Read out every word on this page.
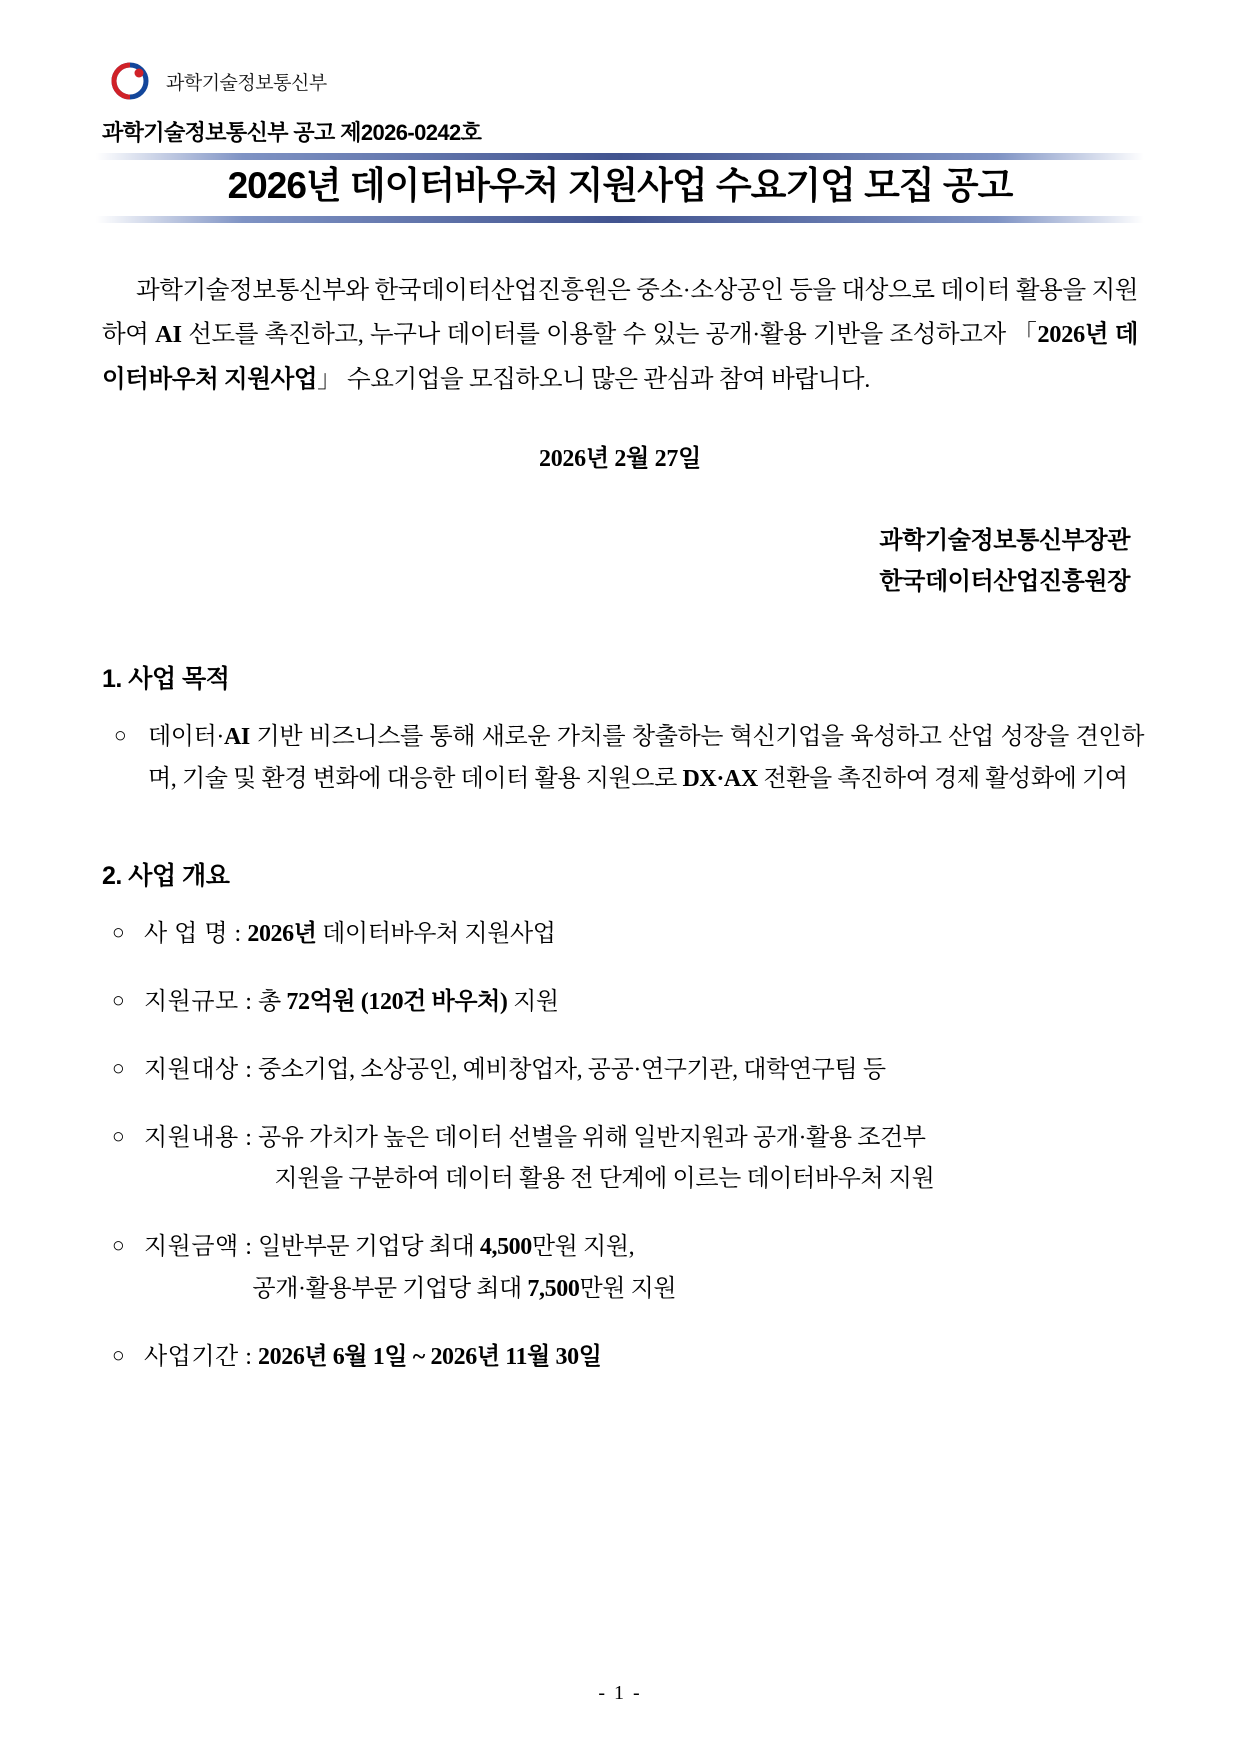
과학기술정보통신부
과학기술정보통신부 공고 제2026-0242호
2026년 데이터바우처 지원사업 수요기업 모집 공고

과학기술정보통신부와 한국데이터산업진흥원은 중소·소상공인 등을 대상으로 데이터 활용을 지원하여 AI 선도를 촉진하고, 누구나 데이터를 이용할 수 있는 공개·활용 기반을 조성하고자 「2026년 데이터바우처 지원사업」 수요기업을 모집하오니 많은 관심과 참여 바랍니다.

2026년 2월 27일
과학기술정보통신부장관
한국데이터산업진흥원장
1. 사업 목적
○ 데이터·AI 기반 비즈니스를 통해 새로운 가치를 창출하는 혁신기업을 육성하고 산업 성장을 견인하며, 기술 및 환경 변화에 대응한 데이터 활용 지원으로 DX·AX 전환을 촉진하여 경제 활성화에 기여
2. 사업 개요
○ 사 업 명 : 2026년 데이터바우처 지원사업
○ 지원규모 : 총 72억원 (120건 바우처) 지원
○ 지원대상 : 중소기업, 소상공인, 예비창업자, 공공·연구기관, 대학연구팀 등
○ 지원내용 : 공유 가치가 높은 데이터 선별을 위해 일반지원과 공개·활용 조건부
지원을 구분하여 데이터 활용 전 단계에 이르는 데이터바우처 지원
○ 지원금액 : 일반부문 기업당 최대 4,500만원 지원,
공개·활용부문 기업당 최대 7,500만원 지원
○ 사업기간 : 2026년 6월 1일 ~ 2026년 11월 30일
- 1 -
